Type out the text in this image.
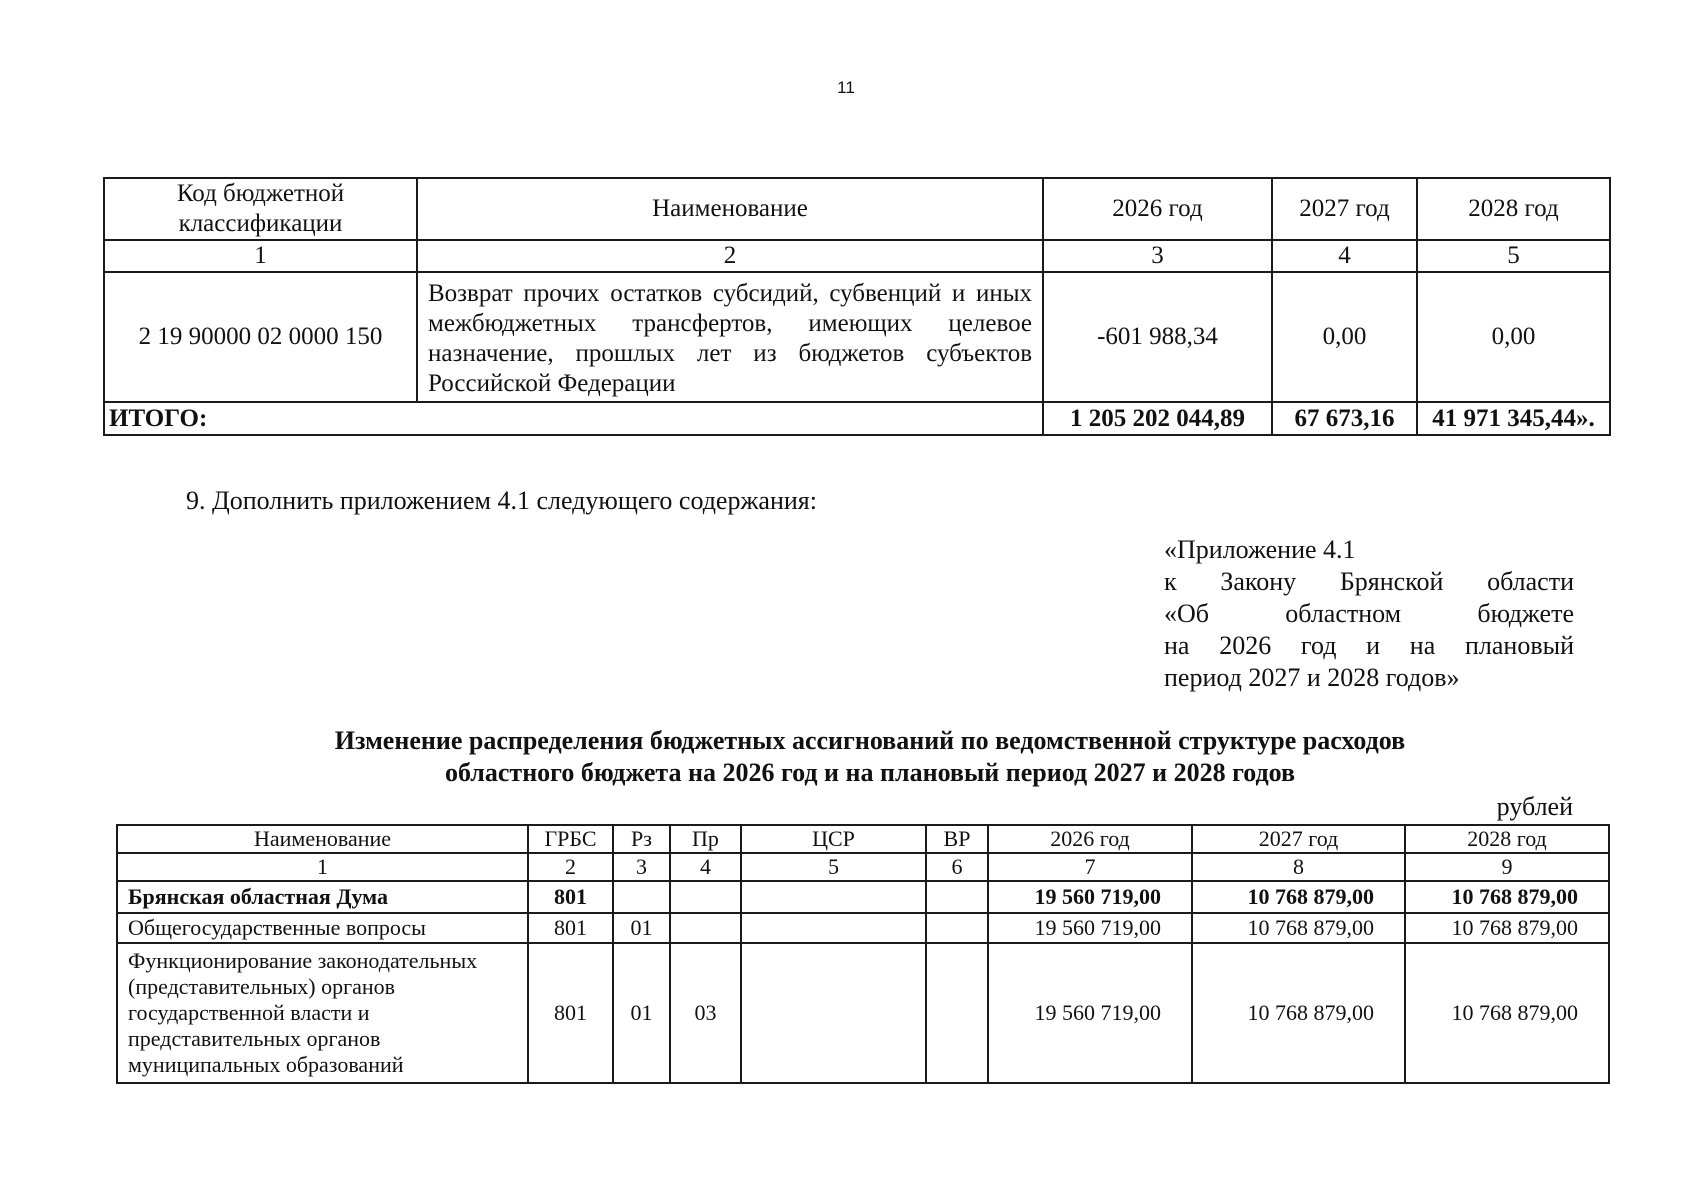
11
Код бюджетной классификации	Наименование	2026 год	2027 год	2028 год
1	2	3	4	5
2 19 90000 02 0000 150	Возврат прочих остатков субсидий, субвенций и иных межбюджетных трансфертов, имеющих целевое назначение, прошлых лет из бюджетов субъектов Российской Федерации	-601 988,34	0,00	0,00
ИТОГО:		1 205 202 044,89	67 673,16	41 971 345,44».
9. Дополнить приложением 4.1 следующего содержания:
«Приложение 4.1
к Закону Брянской области
«Об областном бюджете
на 2026 год и на плановый
период 2027 и 2028 годов»
Изменение распределения бюджетных ассигнований по ведомственной структуре расходов
областного бюджета на 2026 год и на плановый период 2027 и 2028 годов
рублей
Наименование	ГРБС	Рз	Пр	ЦСР	ВР	2026 год	2027 год	2028 год
1	2	3	4	5	6	7	8	9
Брянская областная Дума	801					19 560 719,00	10 768 879,00	10 768 879,00
Общегосударственные вопросы	801	01				19 560 719,00	10 768 879,00	10 768 879,00
Функционирование законодательных (представительных) органов государственной власти и представительных органов муниципальных образований	801	01	03			19 560 719,00	10 768 879,00	10 768 879,00
